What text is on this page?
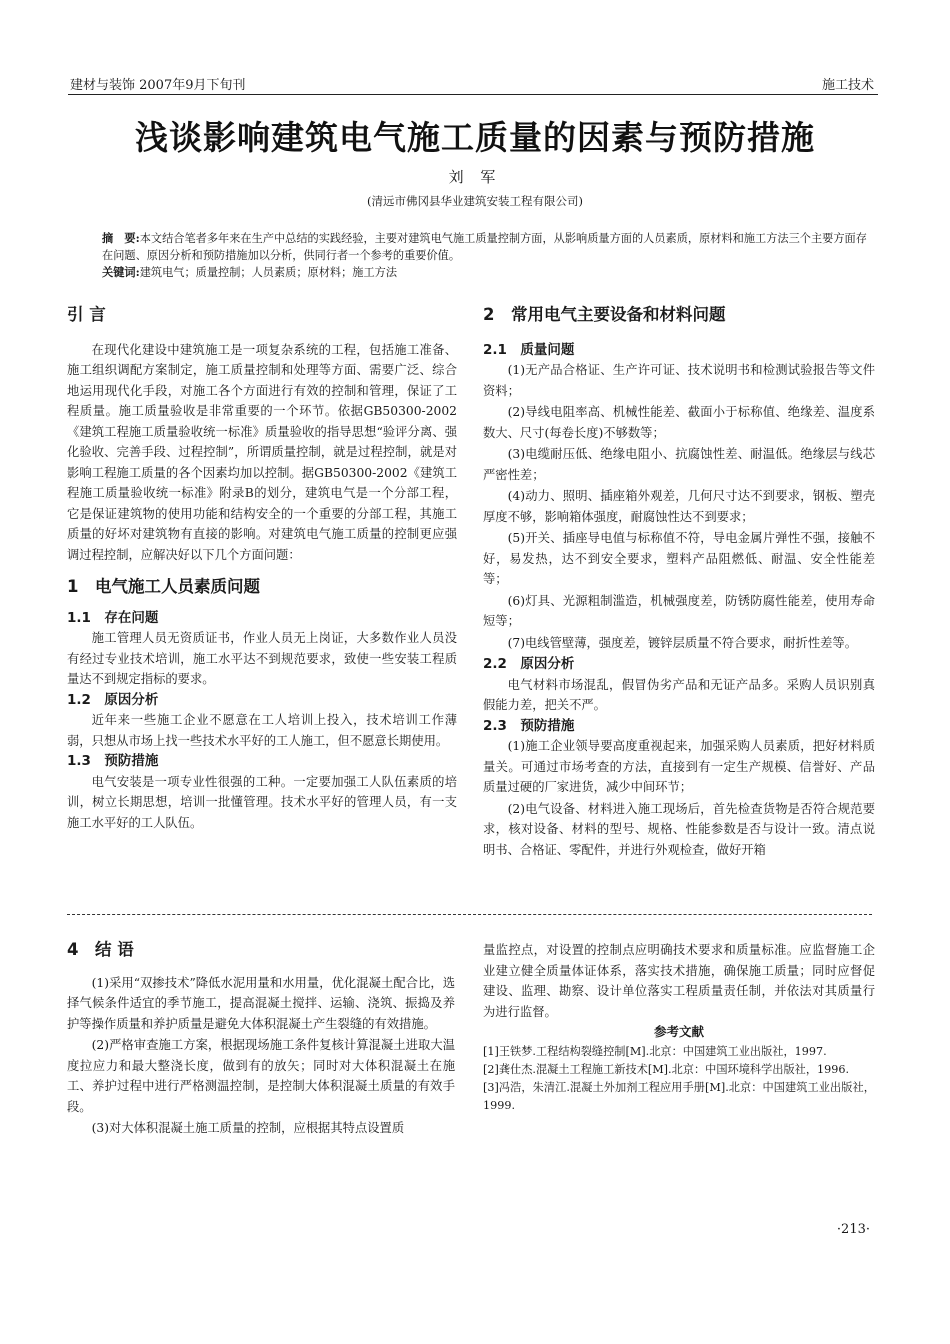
建材与装饰 2007年9月下旬刊	施工技术
浅谈影响建筑电气施工质量的因素与预防措施
刘 军
(清远市佛冈县华业建筑安装工程有限公司)

摘　要:本文结合笔者多年来在生产中总结的实践经验，主要对建筑电气施工质量控制方面，从影响质量方面的人员素质，原材料和施工方法三个主要方面存在问题、原因分析和预防措施加以分析，供同行者一个参考的重要价值。

关键词:建筑电气；质量控制；人员素质；原材料；施工方法

引 言

在现代化建设中建筑施工是一项复杂系统的工程，包括施工准备、施工组织调配方案制定，施工质量控制和处理等方面、需要广泛、综合地运用现代化手段，对施工各个方面进行有效的控制和管理，保证了工程质量。施工质量验收是非常重要的一个环节。依据GB50300-2002《建筑工程施工质量验收统一标准》质量验收的指导思想“验评分离、强化验收、完善手段、过程控制”，所谓质量控制，就是过程控制，就是对影响工程施工质量的各个因素均加以控制。据GB50300-2002《建筑工程施工质量验收统一标准》附录B的划分，建筑电气是一个分部工程，它是保证建筑物的使用功能和结构安全的一个重要的分部工程，其施工质量的好坏对建筑物有直接的影响。对建筑电气施工质量的控制更应强调过程控制，应解决好以下几个方面问题：

1　电气施工人员素质问题
1.1　存在问题

施工管理人员无资质证书，作业人员无上岗证，大多数作业人员没有经过专业技术培训，施工水平达不到规范要求，致使一些安装工程质量达不到规定指标的要求。

1.2　原因分析

近年来一些施工企业不愿意在工人培训上投入，技术培训工作薄弱，只想从市场上找一些技术水平好的工人施工，但不愿意长期使用。

1.3　预防措施

电气安装是一项专业性很强的工种。一定要加强工人队伍素质的培训，树立长期思想，培训一批懂管理。技术水平好的管理人员，有一支施工水平好的工人队伍。

2　常用电气主要设备和材料问题
2.1　质量问题

(1)无产品合格证、生产许可证、技术说明书和检测试验报告等文件资料；

(2)导线电阻率高、机械性能差、截面小于标称值、绝缘差、温度系数大、尺寸(每卷长度)不够数等；

(3)电缆耐压低、绝缘电阻小、抗腐蚀性差、耐温低。绝缘层与线芯严密性差；

(4)动力、照明、插座箱外观差，几何尺寸达不到要求，钢板、塑壳厚度不够，影响箱体强度，耐腐蚀性达不到要求；

(5)开关、插座导电值与标称值不符，导电金属片弹性不强，接触不好，易发热，达不到安全要求，塑料产品阻燃低、耐温、安全性能差等；

(6)灯具、光源粗制滥造，机械强度差，防锈防腐性能差，使用寿命短等；

(7)电线管壁薄，强度差，镀锌层质量不符合要求，耐折性差等。

2.2　原因分析

电气材料市场混乱，假冒伪劣产品和无证产品多。采购人员识别真假能力差，把关不严。

2.3　预防措施

(1)施工企业领导要高度重视起来，加强采购人员素质，把好材料质量关。可通过市场考查的方法，直接到有一定生产规模、信誉好、产品质量过硬的厂家进货，减少中间环节；

(2)电气设备、材料进入施工现场后，首先检查货物是否符合规范要求，核对设备、材料的型号、规格、性能参数是否与设计一致。清点说明书、合格证、零配件，并进行外观检查，做好开箱

4　结 语

(1)采用“双掺技术”降低水泥用量和水用量，优化混凝土配合比，选择气候条件适宜的季节施工，提高混凝土搅拌、运输、浇筑、振捣及养护等操作质量和养护质量是避免大体积混凝土产生裂缝的有效措施。

(2)严格审查施工方案，根据现场施工条件复核计算混凝土进取大温度拉应力和最大整浇长度，做到有的放矢；同时对大体积混凝土在施工、养护过程中进行严格测温控制，是控制大体积混凝土质量的有效手段。

(3)对大体积混凝土施工质量的控制，应根据其特点设置质

量监控点，对设置的控制点应明确技术要求和质量标准。应监督施工企业建立健全质量体证体系，落实技术措施，确保施工质量；同时应督促建设、监理、勘察、设计单位落实工程质量责任制，并依法对其质量行为进行监督。

参考文献

[1]王铁梦.工程结构裂缝控制[M].北京：中国建筑工业出版社，1997.

[2]龚仕杰.混凝土工程施工新技术[M].北京：中国环境科学出版社，1996.

[3]冯浩，朱清江.混凝土外加剂工程应用手册[M].北京：中国建筑工业出版社，1999.

·213·
